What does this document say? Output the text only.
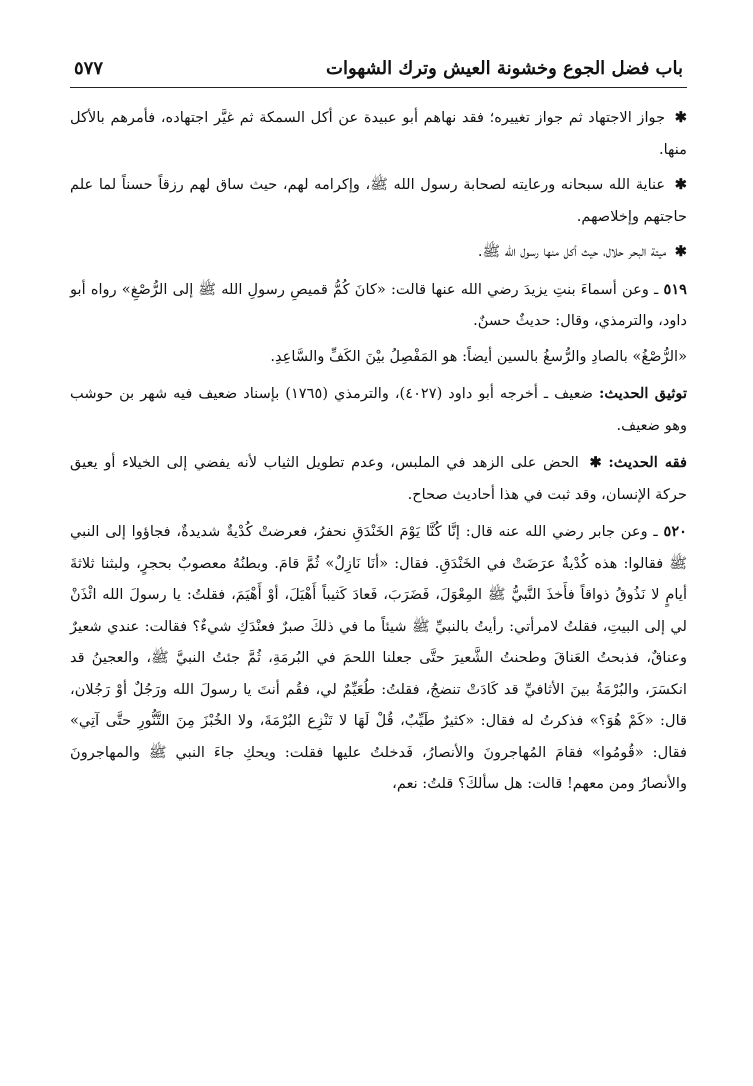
باب فضل الجوع وخشونة العيش وترك الشهوات
٥٧٧

✱ جواز الاجتهاد ثم جواز تغييره؛ فقد نهاهم أبو عبيدة عن أكل السمكة ثم غيَّر اجتهاده، فأمرهم بالأكل منها.

✱ عناية الله سبحانه ورعايته لصحابة رسول الله ﷺ، وإكرامه لهم، حيث ساق لهم رزقاً حسناً لما علم حاجتهم وإخلاصهم.

✱ ميتة البحر حلال، حيث أكل منها رسول الله ﷺ.

٥١٩ ـ وعن أسماءَ بنتِ يزيدَ رضي الله عنها قالت: «كانَ كُمُّ قميصِ رسولِ الله ﷺ إلى الرُّصْغِ» رواه أبو داود، والترمذي، وقال: حديثٌ حسنٌ.

«الرُّصْغُ» بالصادِ والرُّسغُ بالسين أيضاً: هو المَفْصِلُ بيْنَ الكَفِّ والسَّاعِدِ.

توثيق الحديث: ضعيف ـ أخرجه أبو داود (٤٠٢٧)، والترمذي (١٧٦٥) بإسناد ضعيف فيه شهر بن حوشب وهو ضعيف.

فقه الحديث: ✱ الحض على الزهد في الملبس، وعدم تطويل الثياب لأنه يفضي إلى الخيلاء أو يعيق حركة الإنسان، وقد ثبت في هذا أحاديث صحاح.

٥٢٠ ـ وعن جابر رضي الله عنه قال: إنَّا كُنَّا يَوْمَ الخَنْدَقِ نحفرُ، فعرضتْ كُدْيةٌ شديدةٌ، فجاؤوا إلى النبي ﷺ فقالوا: هذه كُدْيةٌ عرَضَتْ في الخَنْدَقِ. فقال: «أنَا نَازِلٌ» ثُمَّ قامَ. وبطنُهُ معصوبٌ بحجرٍ، ولبثنا ثلاثةَ أيامٍ لا نَذُوقُ ذواقاً فأَخذَ النَّبيُّ ﷺ المِعْوَلَ، فَضَرَبَ، فَعادَ كَثيباً أَهْيَلَ، أوْ أَهْيَمَ، فقلتُ: يا رسولَ الله ائْذَنْ لي إلى البيتِ، فقلتُ لامرأتي: رأيتُ بالنبيِّ ﷺ شيئاً ما في ذلكَ صبرٌ فعنْدَكِ شيءٌ؟ فقالت: عندي شعيرٌ وعناقٌ، فذبحتُ العَناقَ وطحنتُ الشَّعيرَ حتَّى جعلنا اللحمَ في البُرمَةِ، ثُمَّ جئتُ النبيَّ ﷺ، والعجينُ قد انكسَرَ، والبُرْمَةُ بينَ الأثافيِّ قد كَادَتْ تنضجُ، فقلتُ: طُعَيِّمٌ لي، فقُم أنتَ يا رسولَ الله ورَجُلٌ أوْ رَجُلان، قال: «كَمْ هُوَ؟» فذكرتُ له فقال: «كثيرٌ طَيِّبٌ، قُلْ لَهَا لا تَنْزِع البُرْمَةَ، ولا الخُبْزَ مِنَ التَّنُّورِ حتَّى آتِي» فقال: «قُومُوا» فقامَ المُهاجرونَ والأنصارُ، فَدخلتُ عليها فقلت: ويحكِ جاءَ النبي ﷺ والمهاجرونَ والأنصارُ ومن معهم! قالت: هل سألكَ؟ قلتُ: نعم،
